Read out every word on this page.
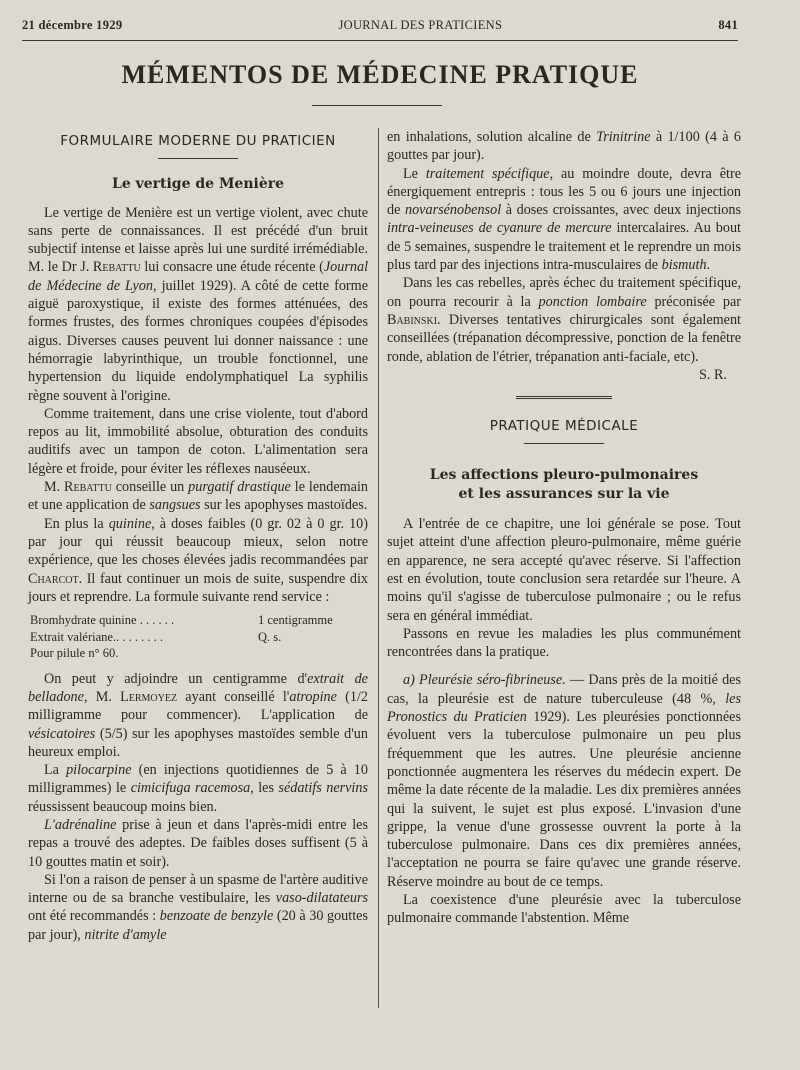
21 décembre 1929	JOURNAL DES PRATICIENS	841
MÉMENTOS DE MÉDECINE PRATIQUE
FORMULAIRE MODERNE DU PRATICIEN
Le vertige de Menière

Le vertige de Menière est un vertige violent, avec chute sans perte de connaissances. Il est précédé d'un bruit subjectif intense et laisse après lui une surdité irrémédiable. M. le Dr J. Rebattu lui consacre une étude récente (Journal de Médecine de Lyon, juillet 1929). A côté de cette forme aiguë paroxystique, il existe des formes atténuées, des formes frustes, des formes chroniques coupées d'épisodes aigus. Diverses causes peuvent lui donner naissance : une hémorragie labyrinthique, un trouble fonctionnel, une hypertension du liquide endolymphatiquel La syphilis règne souvent à l'origine.

Comme traitement, dans une crise violente, tout d'abord repos au lit, immobilité absolue, obturation des conduits auditifs avec un tampon de coton. L'alimentation sera légère et froide, pour éviter les réflexes nauséeux.

M. Rebattu conseille un purgatif drastique le lendemain et une application de sangsues sur les apophyses mastoïdes.

En plus la quinine, à doses faibles (0 gr. 02 à 0 gr. 10) par jour qui réussit beaucoup mieux, selon notre expérience, que les choses élevées jadis recommandées par Charcot. Il faut continuer un mois de suite, suspendre dix jours et reprendre. La formule suivante rend service :

Bromhydrate quinine . . . . . .	1 centigramme
Extrait valériane.. . . . . . . .	Q. s.
Pour pilule n° 60.

On peut y adjoindre un centigramme d'extrait de belladone, M. Lermoyez ayant conseillé l'atropine (1/2 milligramme pour commencer). L'application de vésicatoires (5/5) sur les apophyses mastoïdes semble d'un heureux emploi.

La pilocarpine (en injections quotidiennes de 5 à 10 milligrammes) le cimicifuga racemosa, les sédatifs nervins réussissent beaucoup moins bien.

L'adrénaline prise à jeun et dans l'après-midi entre les repas a trouvé des adeptes. De faibles doses suffisent (5 à 10 gouttes matin et soir).

Si l'on a raison de penser à un spasme de l'artère auditive interne ou de sa branche vestibulaire, les vaso-dilatateurs ont été recommandés : benzoate de benzyle (20 à 30 gouttes par jour), nitrite d'amyle

en inhalations, solution alcaline de Trinitrine à 1/100 (4 à 6 gouttes par jour).

Le traitement spécifique, au moindre doute, devra être énergiquement entrepris : tous les 5 ou 6 jours une injection de novarsénobensol à doses croissantes, avec deux injections intra-veineuses de cyanure de mercure intercalaires. Au bout de 5 semaines, suspendre le traitement et le reprendre un mois plus tard par des injections intra-musculaires de bismuth.

Dans les cas rebelles, après échec du traitement spécifique, on pourra recourir à la ponction lombaire préconisée par Babinski. Diverses tentatives chirurgicales sont également conseillées (trépanation décompressive, ponction de la fenêtre ronde, ablation de l'étrier, trépanation anti-faciale, etc).

S. R.
PRATIQUE MÉDICALE
Les affections pleuro-pulmonaires
et les assurances sur la vie

A l'entrée de ce chapitre, une loi générale se pose. Tout sujet atteint d'une affection pleuro-pulmonaire, même guérie en apparence, ne sera accepté qu'avec réserve. Si l'affection est en évolution, toute conclusion sera retardée sur l'heure. A moins qu'il s'agisse de tuberculose pulmonaire ; ou le refus sera en général immédiat.

Passons en revue les maladies les plus communément rencontrées dans la pratique.

a) Pleurésie séro-fibrineuse. — Dans près de la moitié des cas, la pleurésie est de nature tuberculeuse (48 %, les Pronostics du Praticien 1929). Les pleurésies ponctionnées évoluent vers la tuberculose pulmonaire un peu plus fréquemment que les autres. Une pleurésie ancienne ponctionnée augmentera les réserves du médecin expert. De même la date récente de la maladie. Les dix premières années qui la suivent, le sujet est plus exposé. L'invasion d'une grippe, la venue d'une grossesse ouvrent la porte à la tuberculose pulmonaire. Dans ces dix premières années, l'acceptation ne pourra se faire qu'avec une grande réserve. Réserve moindre au bout de ce temps.

La coexistence d'une pleurésie avec la tuberculose pulmonaire commande l'abstention. Même
